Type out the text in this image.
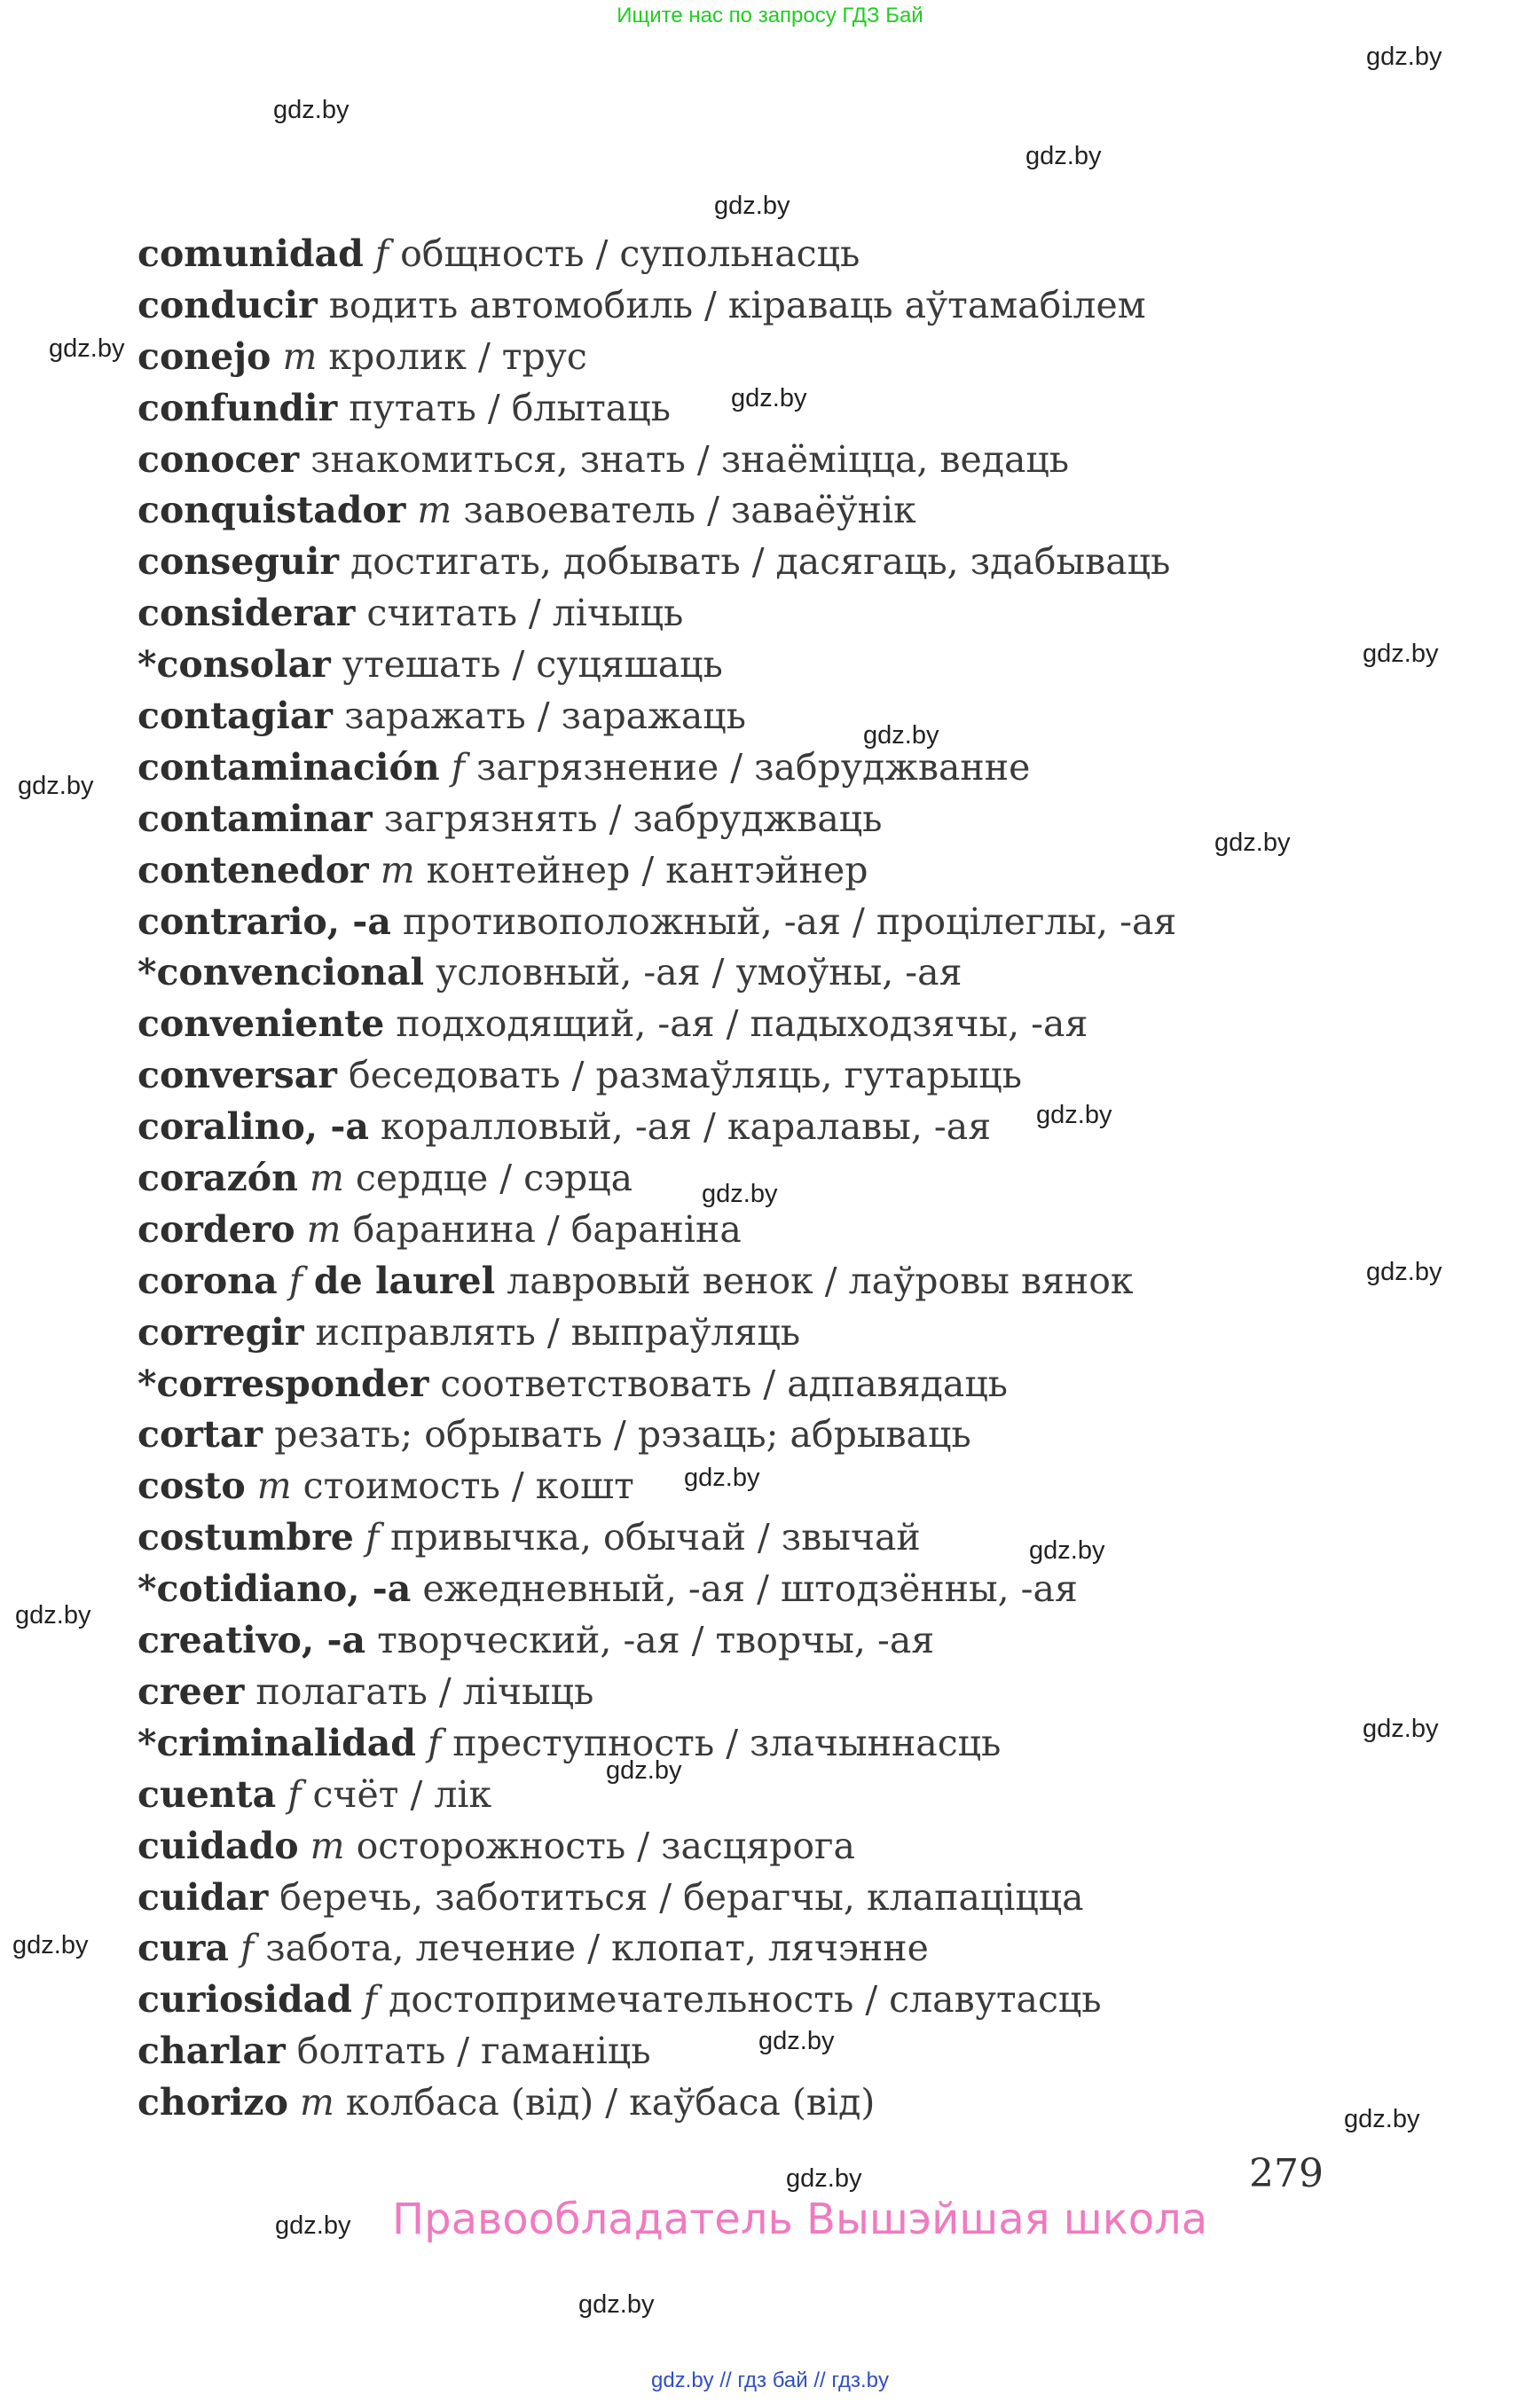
Ищите нас по запросу ГДЗ Бай
comunidad f общность / супольнасць
conducir водить автомобиль / кіраваць аўтамабілем
conejo m кролик / трус
confundir путать / блытаць
conocer знакомиться, знать / знаёміцца, ведаць
conquistador m завоеватель / заваёўнік
conseguir достигать, добывать / дасягаць, здабываць
considerar считать / лічыць
*consolar утешать / суцяшаць
contagiar заражать / заражаць
contaminación f загрязнение / забруджванне
contaminar загрязнять / забруджваць
contenedor m контейнер / кантэйнер
contrario, -a противоположный, -ая / процілеглы, -ая
*convencional условный, -ая / умоўны, -ая
conveniente подходящий, -ая / падыходзячы, -ая
conversar беседовать / размаўляць, гутарыць
coralino, -a коралловый, -ая / каралавы, -ая
corazón m сердце / сэрца
cordero m баранина / бараніна
corona f de laurel лавровый венок / лаўровы вянок
corregir исправлять / выпраўляць
*corresponder соответствовать / адпавядаць
cortar резать; обрывать / рэзаць; абрываць
costo m стоимость / кошт
costumbre f привычка, обычай / звычай
*cotidiano, -a ежедневный, -ая / штодзённы, -ая
creativo, -a творческий, -ая / творчы, -ая
creer полагать / лічыць
*criminalidad f преступность / злачыннасць
cuenta f счёт / лік
cuidado m осторожность / засцярога
cuidar беречь, заботиться / берагчы, клапаціцца
cura f забота, лечение / клопат, лячэнне
curiosidad f достопримечательность / славутасць
charlar болтать / гаманіць
chorizo m колбаса (від) / каўбаса (від)
gdz.by
gdz.by
gdz.by
gdz.by
gdz.by
gdz.by
gdz.by
gdz.by
gdz.by
gdz.by
gdz.by
gdz.by
gdz.by
gdz.by
gdz.by
gdz.by
gdz.by
gdz.by
gdz.by
gdz.by
gdz.by
gdz.by
gdz.by
gdz.by
279
Правообладатель Вышэйшая школа
gdz.by // гдз бай // гдз.by
